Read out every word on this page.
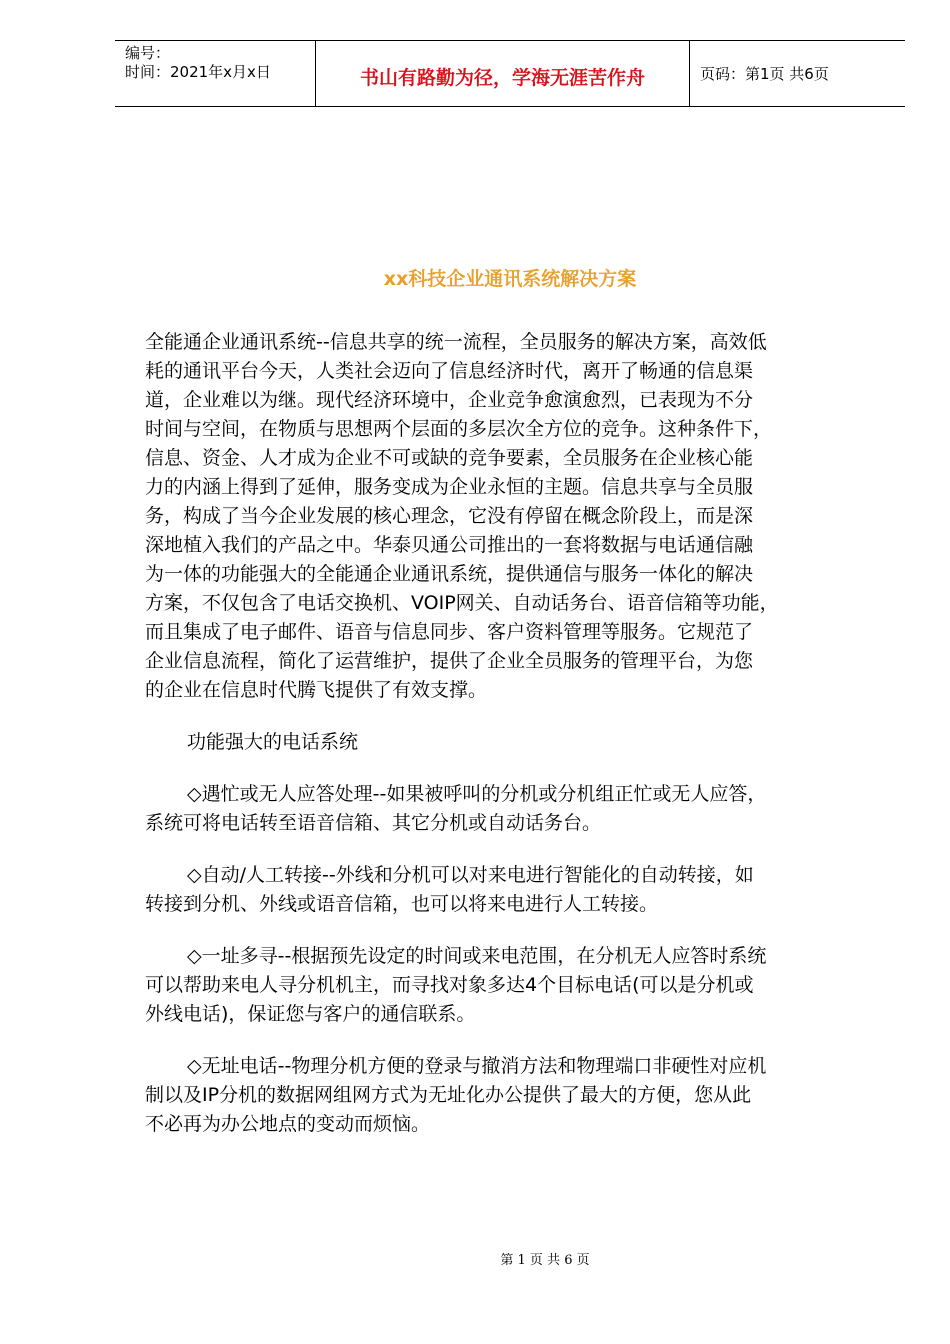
编号：
时间：2021年x月x日	书山有路勤为径，学海无涯苦作舟	页码：第1页 共6页
xx科技企业通讯系统解决方案
全能通企业通讯系统--信息共享的统一流程，全员服务的解决方案，高效低
耗的通讯平台今天，人类社会迈向了信息经济时代，离开了畅通的信息渠
道，企业难以为继。现代经济环境中，企业竞争愈演愈烈，已表现为不分
时间与空间，在物质与思想两个层面的多层次全方位的竞争。这种条件下，
信息、资金、人才成为企业不可或缺的竞争要素，全员服务在企业核心能
力的内涵上得到了延伸，服务变成为企业永恒的主题。信息共享与全员服
务，构成了当今企业发展的核心理念，它没有停留在概念阶段上，而是深
深地植入我们的产品之中。华泰贝通公司推出的一套将数据与电话通信融
为一体的功能强大的全能通企业通讯系统，提供通信与服务一体化的解决
方案，不仅包含了电话交换机、VOIP网关、自动话务台、语音信箱等功能，
而且集成了电子邮件、语音与信息同步、客户资料管理等服务。它规范了
企业信息流程，简化了运营维护，提供了企业全员服务的管理平台，为您
的企业在信息时代腾飞提供了有效支撑。
功能强大的电话系统
◇遇忙或无人应答处理--如果被呼叫的分机或分机组正忙或无人应答，
系统可将电话转至语音信箱、其它分机或自动话务台。
◇自动/人工转接--外线和分机可以对来电进行智能化的自动转接，如
转接到分机、外线或语音信箱，也可以将来电进行人工转接。
◇一址多寻--根据预先设定的时间或来电范围，在分机无人应答时系统
可以帮助来电人寻分机机主，而寻找对象多达4个目标电话(可以是分机或
外线电话)，保证您与客户的通信联系。
◇无址电话--物理分机方便的登录与撤消方法和物理端口非硬性对应机
制以及IP分机的数据网组网方式为无址化办公提供了最大的方便，您从此
不必再为办公地点的变动而烦恼。
第 1 页 共 6 页
